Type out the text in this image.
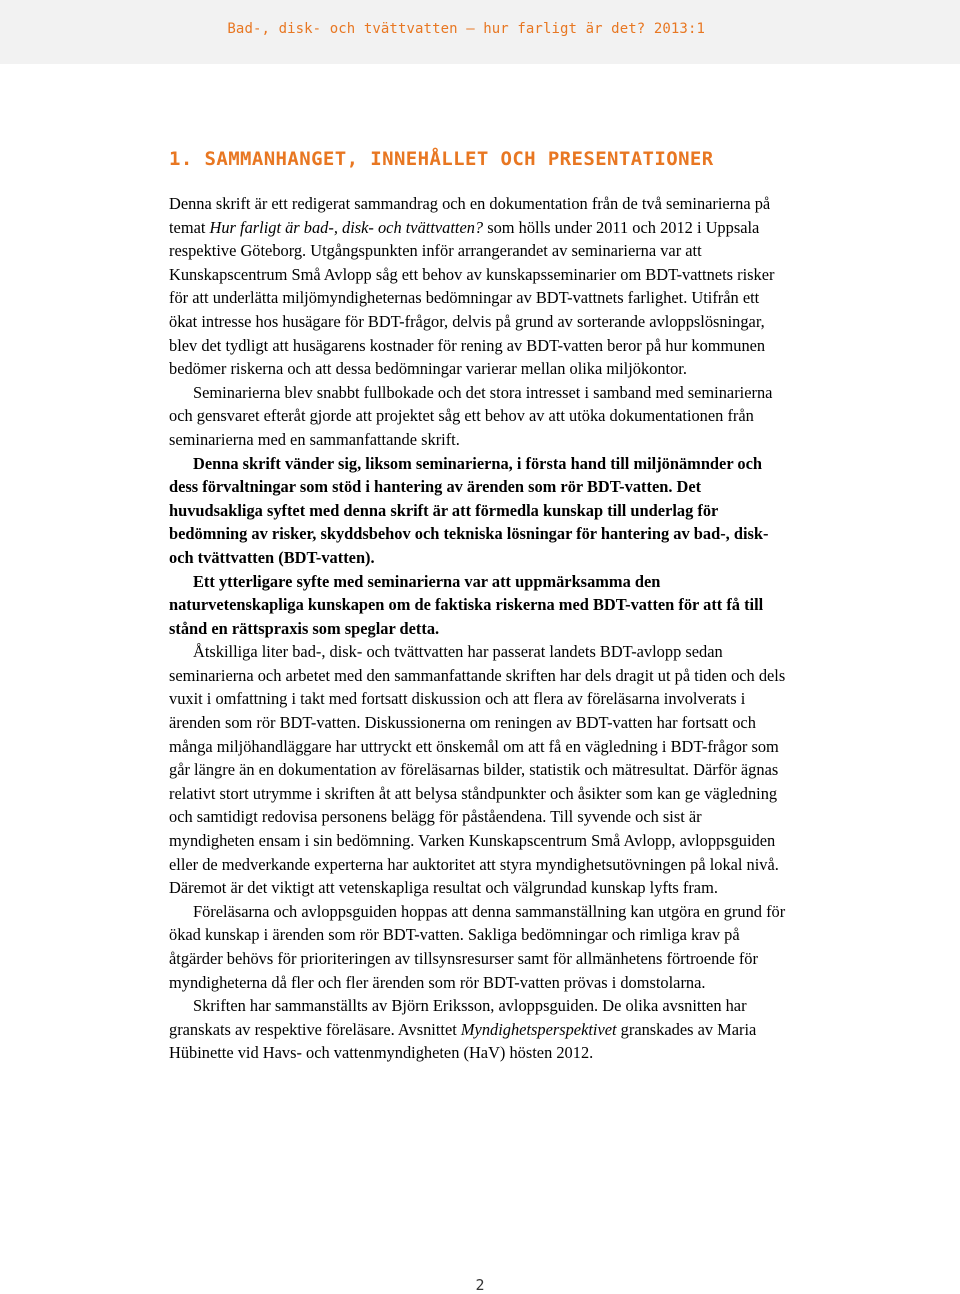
Bad-, disk- och tvättvatten – hur farligt är det? 2013:1
1. SAMMANHANGET, INNEHÅLLET OCH PRESENTATIONER

Denna skrift är ett redigerat sammandrag och en dokumentation från de två seminarierna på temat Hur farligt är bad-, disk- och tvättvatten? som hölls under 2011 och 2012 i Uppsala respektive Göteborg. Utgångspunkten inför arrangerandet av seminarierna var att Kunskapscentrum Små Avlopp såg ett behov av kunskapsseminarier om BDT-vattnets risker för att underlätta miljömyndigheternas bedömningar av BDT-vattnets farlighet. Utifrån ett ökat intresse hos husägare för BDT-frågor, delvis på grund av sorterande avloppslösningar, blev det tydligt att husägarens kostnader för rening av BDT-vatten beror på hur kommunen bedömer riskerna och att dessa bedömningar varierar mellan olika miljökontor.

Seminarierna blev snabbt fullbokade och det stora intresset i samband med seminarierna och gensvaret efteråt gjorde att projektet såg ett behov av att utöka dokumentationen från seminarierna med en sammanfattande skrift.

Denna skrift vänder sig, liksom seminarierna, i första hand till miljönämnder och dess förvaltningar som stöd i hantering av ärenden som rör BDT-vatten. Det huvudsakliga syftet med denna skrift är att förmedla kunskap till underlag för bedömning av risker, skyddsbehov och tekniska lösningar för hantering av bad-, disk- och tvättvatten (BDT-vatten).

Ett ytterligare syfte med seminarierna var att uppmärksamma den naturvetenskapliga kunskapen om de faktiska riskerna med BDT-vatten för att få till stånd en rättspraxis som speglar detta.

Åtskilliga liter bad-, disk- och tvättvatten har passerat landets BDT-avlopp sedan seminarierna och arbetet med den sammanfattande skriften har dels dragit ut på tiden och dels vuxit i omfattning i takt med fortsatt diskussion och att flera av föreläsarna involverats i ärenden som rör BDT-vatten. Diskussionerna om reningen av BDT-vatten har fortsatt och många miljöhandläggare har uttryckt ett önskemål om att få en vägledning i BDT-frågor som går längre än en dokumentation av föreläsarnas bilder, statistik och mätresultat. Därför ägnas relativt stort utrymme i skriften åt att belysa ståndpunkter och åsikter som kan ge vägledning och samtidigt redovisa personens belägg för påståendena. Till syvende och sist är myndigheten ensam i sin bedömning. Varken Kunskapscentrum Små Avlopp, avloppsguiden eller de medverkande experterna har auktoritet att styra myndighetsutövningen på lokal nivå. Däremot är det viktigt att vetenskapliga resultat och välgrundad kunskap lyfts fram.

Föreläsarna och avloppsguiden hoppas att denna sammanställning kan utgöra en grund för ökad kunskap i ärenden som rör BDT-vatten. Sakliga bedömningar och rimliga krav på åtgärder behövs för prioriteringen av tillsynsresurser samt för allmänhetens förtroende för myndigheterna då fler och fler ärenden som rör BDT-vatten prövas i domstolarna.

Skriften har sammanställts av Björn Eriksson, avloppsguiden. De olika avsnitten har granskats av respektive föreläsare. Avsnittet Myndighetsperspektivet granskades av Maria Hübinette vid Havs- och vattenmyndigheten (HaV) hösten 2012.

2
